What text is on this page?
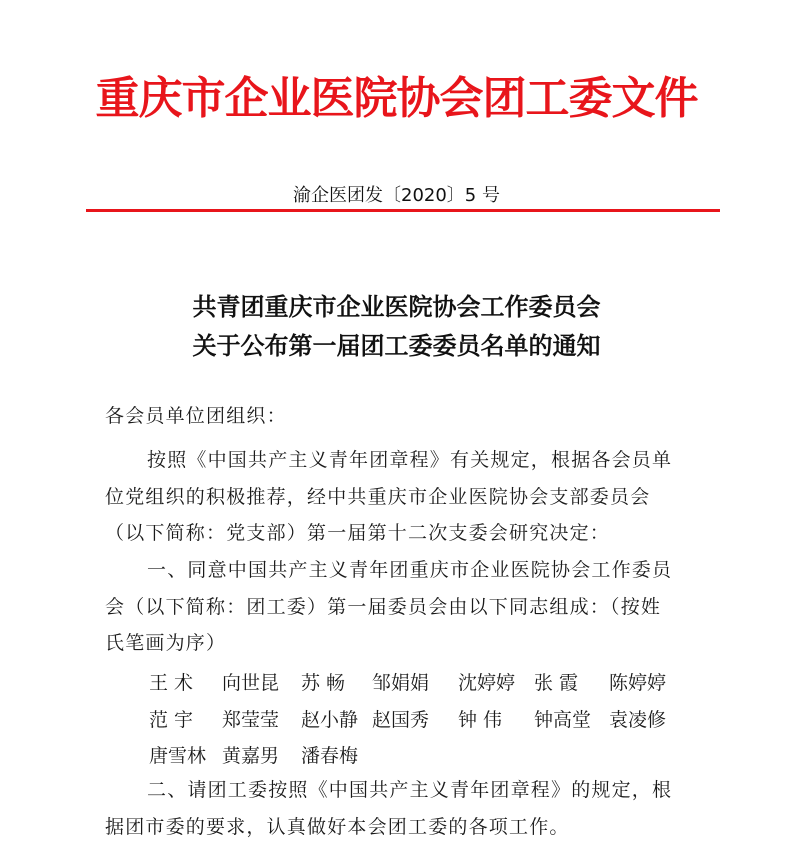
重庆市企业医院协会团工委文件
渝企医团发〔2020〕5 号
共青团重庆市企业医院协会工作委员会
关于公布第一届团工委委员名单的通知
各会员单位团组织：
按照《中国共产主义青年团章程》有关规定，根据各会员单
位党组织的积极推荐，经中共重庆市企业医院协会支部委员会
（以下简称：党支部）第一届第十二次支委会研究决定：
一、同意中国共产主义青年团重庆市企业医院协会工作委员
会（以下简称：团工委）第一届委员会由以下同志组成：（按姓
氏笔画为序）
二、请团工委按照《中国共产主义青年团章程》的规定，根
据团市委的要求，认真做好本会团工委的各项工作。
王 术 向世昆 苏 畅 邹娟娟 沈婷婷 张 霞 陈婷婷
范 宇 郑莹莹 赵小静 赵国秀 钟 伟 钟高堂 袁凌修
唐雪林 黄嘉男 潘春梅
